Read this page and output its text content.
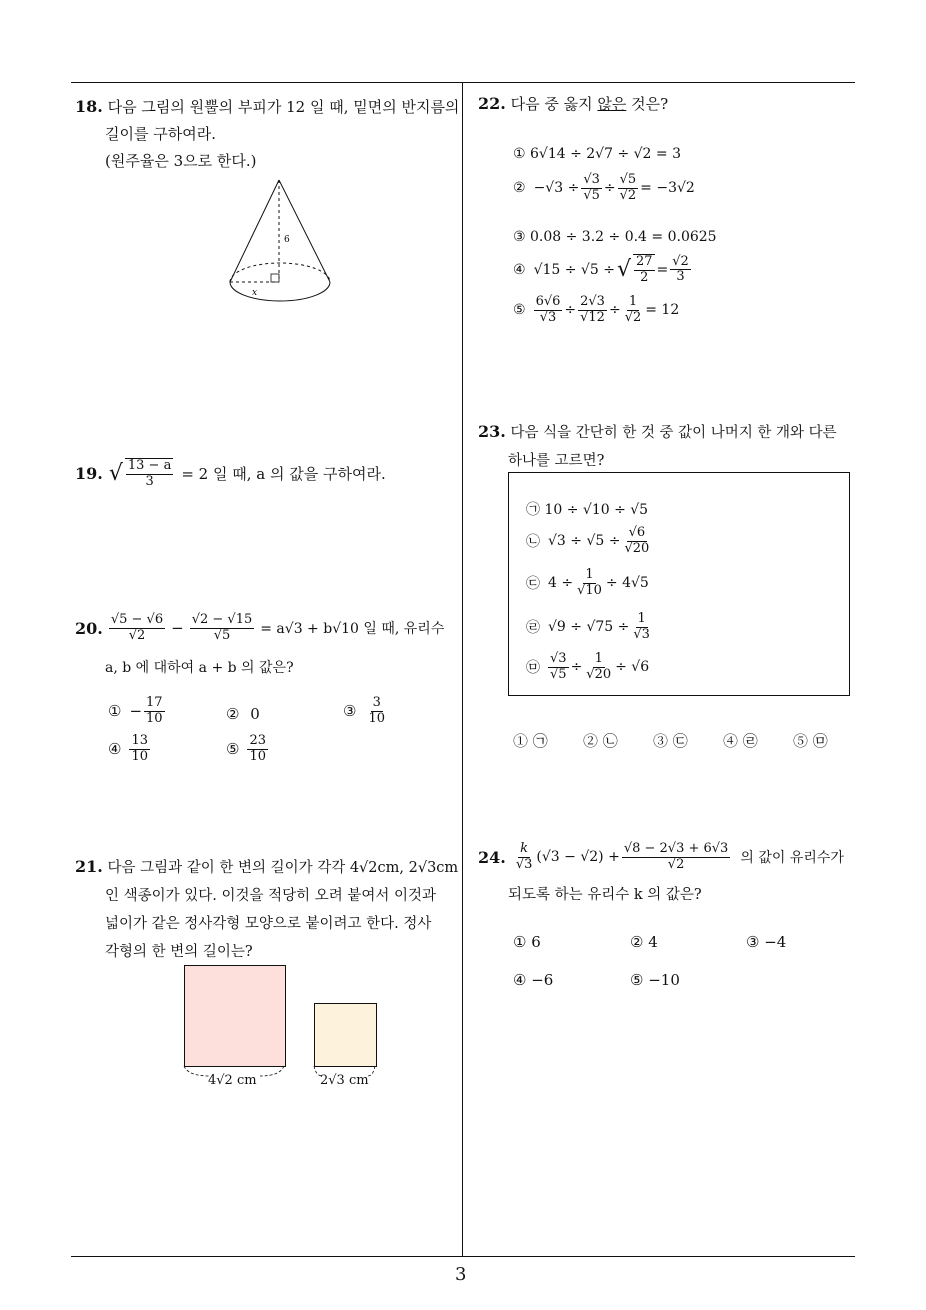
3
18. 다음 그림의 원뿔의 부피가 12 일 때, 밑면의 반지름의
길이를 구하여라.
(원주율은 3으로 한다.)
6
x
19. √ $\frac{13 - a}{3} = 2$ 일 때, a 의 값을 구하여라.
20. $\frac{√5 - √6}{√2} - \frac{√2 - √15}{√5} = a√3 + b√10$ 일 때, 유리수
a, b 에 대하여 a + b 의 값은?
① − $\frac{17}{10}$	② 0	③ $\frac{3}{10}$
④ $\frac{13}{10}$	⑤ $\frac{23}{10}$
21. 다음 그림과 같이 한 변의 길이가 각각 4√2cm, 2√3cm
인 색종이가 있다. 이것을 적당히 오려 붙여서 이것과
넓이가 같은 정사각형 모양으로 붙이려고 한다. 정사
각형의 한 변의 길이는?
4√2 cm	2√3 cm
22. 다음 중 옳지 않은 것은?
① 6√14 ÷ 2√7 ÷ √2 = 3
② $-√3 \div \frac{√3}{√5} \div \frac{√5}{√2} = -3√2$
③ 0.08 ÷ 3.2 ÷ 0.4 = 0.0625
④ √15 ÷ √5 ÷ √ $\frac{27}{2} = \frac{√2}{3}$
⑤ $\frac{6√6}{√3} \div \frac{2√3}{√12} \div \frac{1}{√2} = 12$
23. 다음 식을 간단히 한 것 중 값이 나머지 한 개와 다른
하나를 고르면?
㉠ 10 ÷ √10 ÷ √5
㉡ $√3 \div √5 \div \frac{√6}{√20}$
㉢ $4 \div \frac{1}{√10} \div 4√5$
㉣ $√9 \div √75 \div \frac{1}{√3}$
㉤ $\frac{√3}{√5} \div \frac{1}{√20} \div √6$
① ㉠ ② ㉡ ③ ㉢ ④ ㉣ ⑤ ㉤
24. $\frac{k}{√3} (√3 - √2) + \frac{√8 - 2√3 + 6√3}{√2}$ 의 값이 유리수가
되도록 하는 유리수 k 의 값은?
① 6	② 4	③ −4
④ −6	⑤ −10
